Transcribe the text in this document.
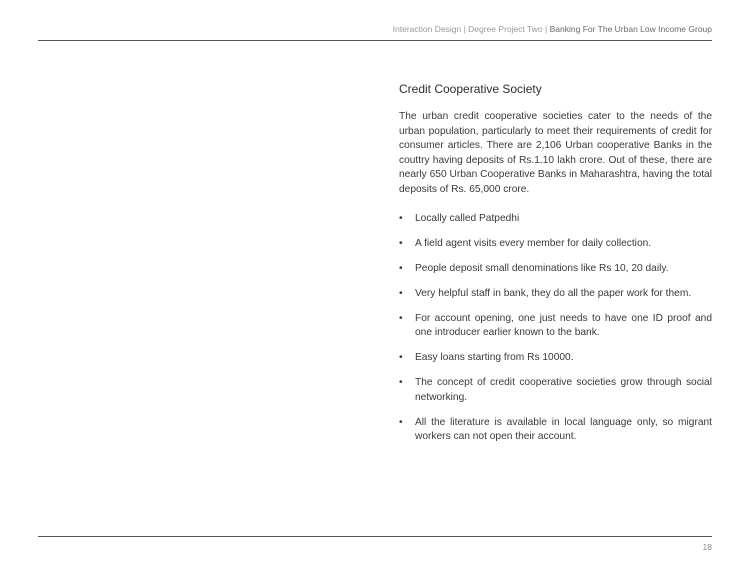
Interaction Design | Degree Project Two | Banking For The Urban Low Income Group
Credit Cooperative Society

The urban credit cooperative societies cater to the needs of the urban population, particularly to meet their requirements of credit for consumer articles. There are 2,106 Urban cooperative Banks in the couttry having deposits of Rs.1.10 lakh crore. Out of these, there are nearly 650 Urban Cooperative Banks in Maharashtra, having the total deposits of Rs. 65,000 crore.

• Locally called Patpedhi
• A field agent visits every member for daily collection.
• People deposit small denominations like Rs 10, 20 daily.
• Very helpful staff in bank, they do all the paper work for them.
• For account opening, one just needs to have one ID proof and one introducer earlier known to the bank.
• Easy loans starting from Rs 10000.
• The concept of credit cooperative societies grow through social networking.
• All the literature is available in local language only, so migrant workers can not open their account.
18
